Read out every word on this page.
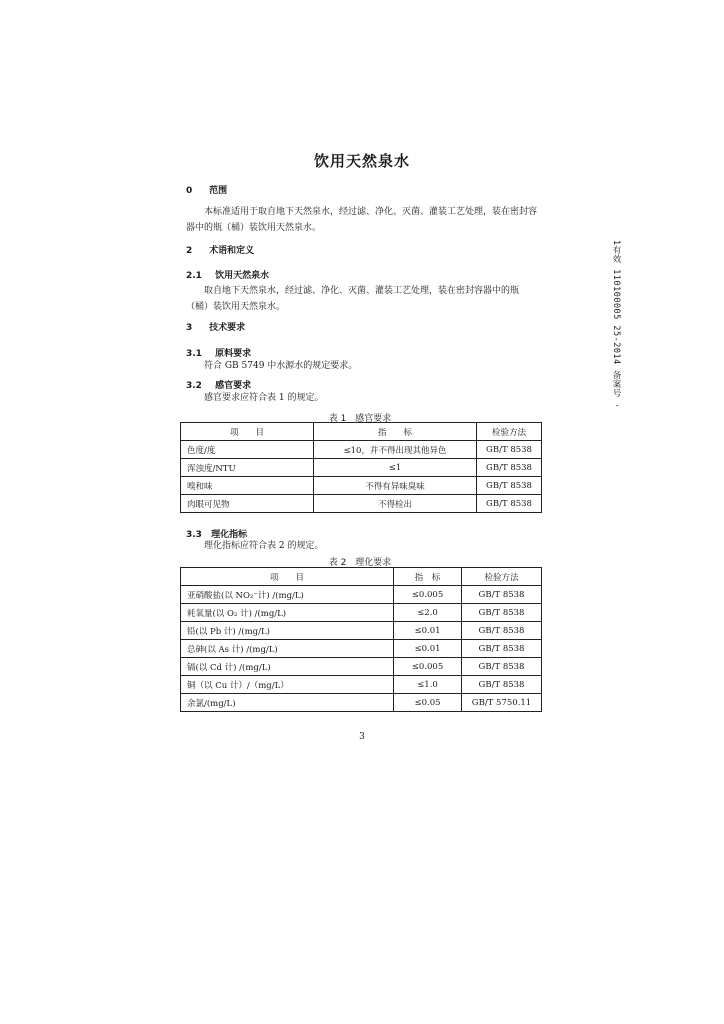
饮用天然泉水
0 范围
本标准适用于取自地下天然泉水，经过滤、净化、灭菌、灌装工艺处理，装在密封容器中的瓶（桶）装饮用天然泉水。
2 术语和定义
2.1 饮用天然泉水
取自地下天然泉水，经过滤、净化、灭菌、灌装工艺处理，装在密封容器中的瓶（桶）装饮用天然泉水。
3 技术要求
3.1 原料要求
符合 GB 5749 中水源水的规定要求。
3.2 感官要求
感官要求应符合表 1 的规定。
表 1　感官要求
项　　目	指　　标	检验方法
色度/度	≤10，并不得出现其他异色	GB/T 8538
浑浊度/NTU	≤1	GB/T 8538
嗅和味	不得有异味臭味	GB/T 8538
肉眼可见物	不得检出	GB/T 8538
3.3 理化指标
理化指标应符合表 2 的规定。
表 2　理化要求
项　　目	指　标	检验方法
亚硝酸盐(以 NO₂⁻计) /(mg/L)	≤0.005	GB/T 8538
耗氧量(以 O₂ 计) /(mg/L)	≤2.0	GB/T 8538
铅(以 Pb 计) /(mg/L)	≤0.01	GB/T 8538
总砷(以 As 计) /(mg/L)	≤0.01	GB/T 8538
镉(以 Cd 计) /(mg/L)	≤0.005	GB/T 8538
铜（以 Cu 计）/（mg/L）	≤1.0	GB/T 8538
余氯/(mg/L)	≤0.05	GB/T 5750.11
3
1有效 110100005 25-2014 备案号 ·
